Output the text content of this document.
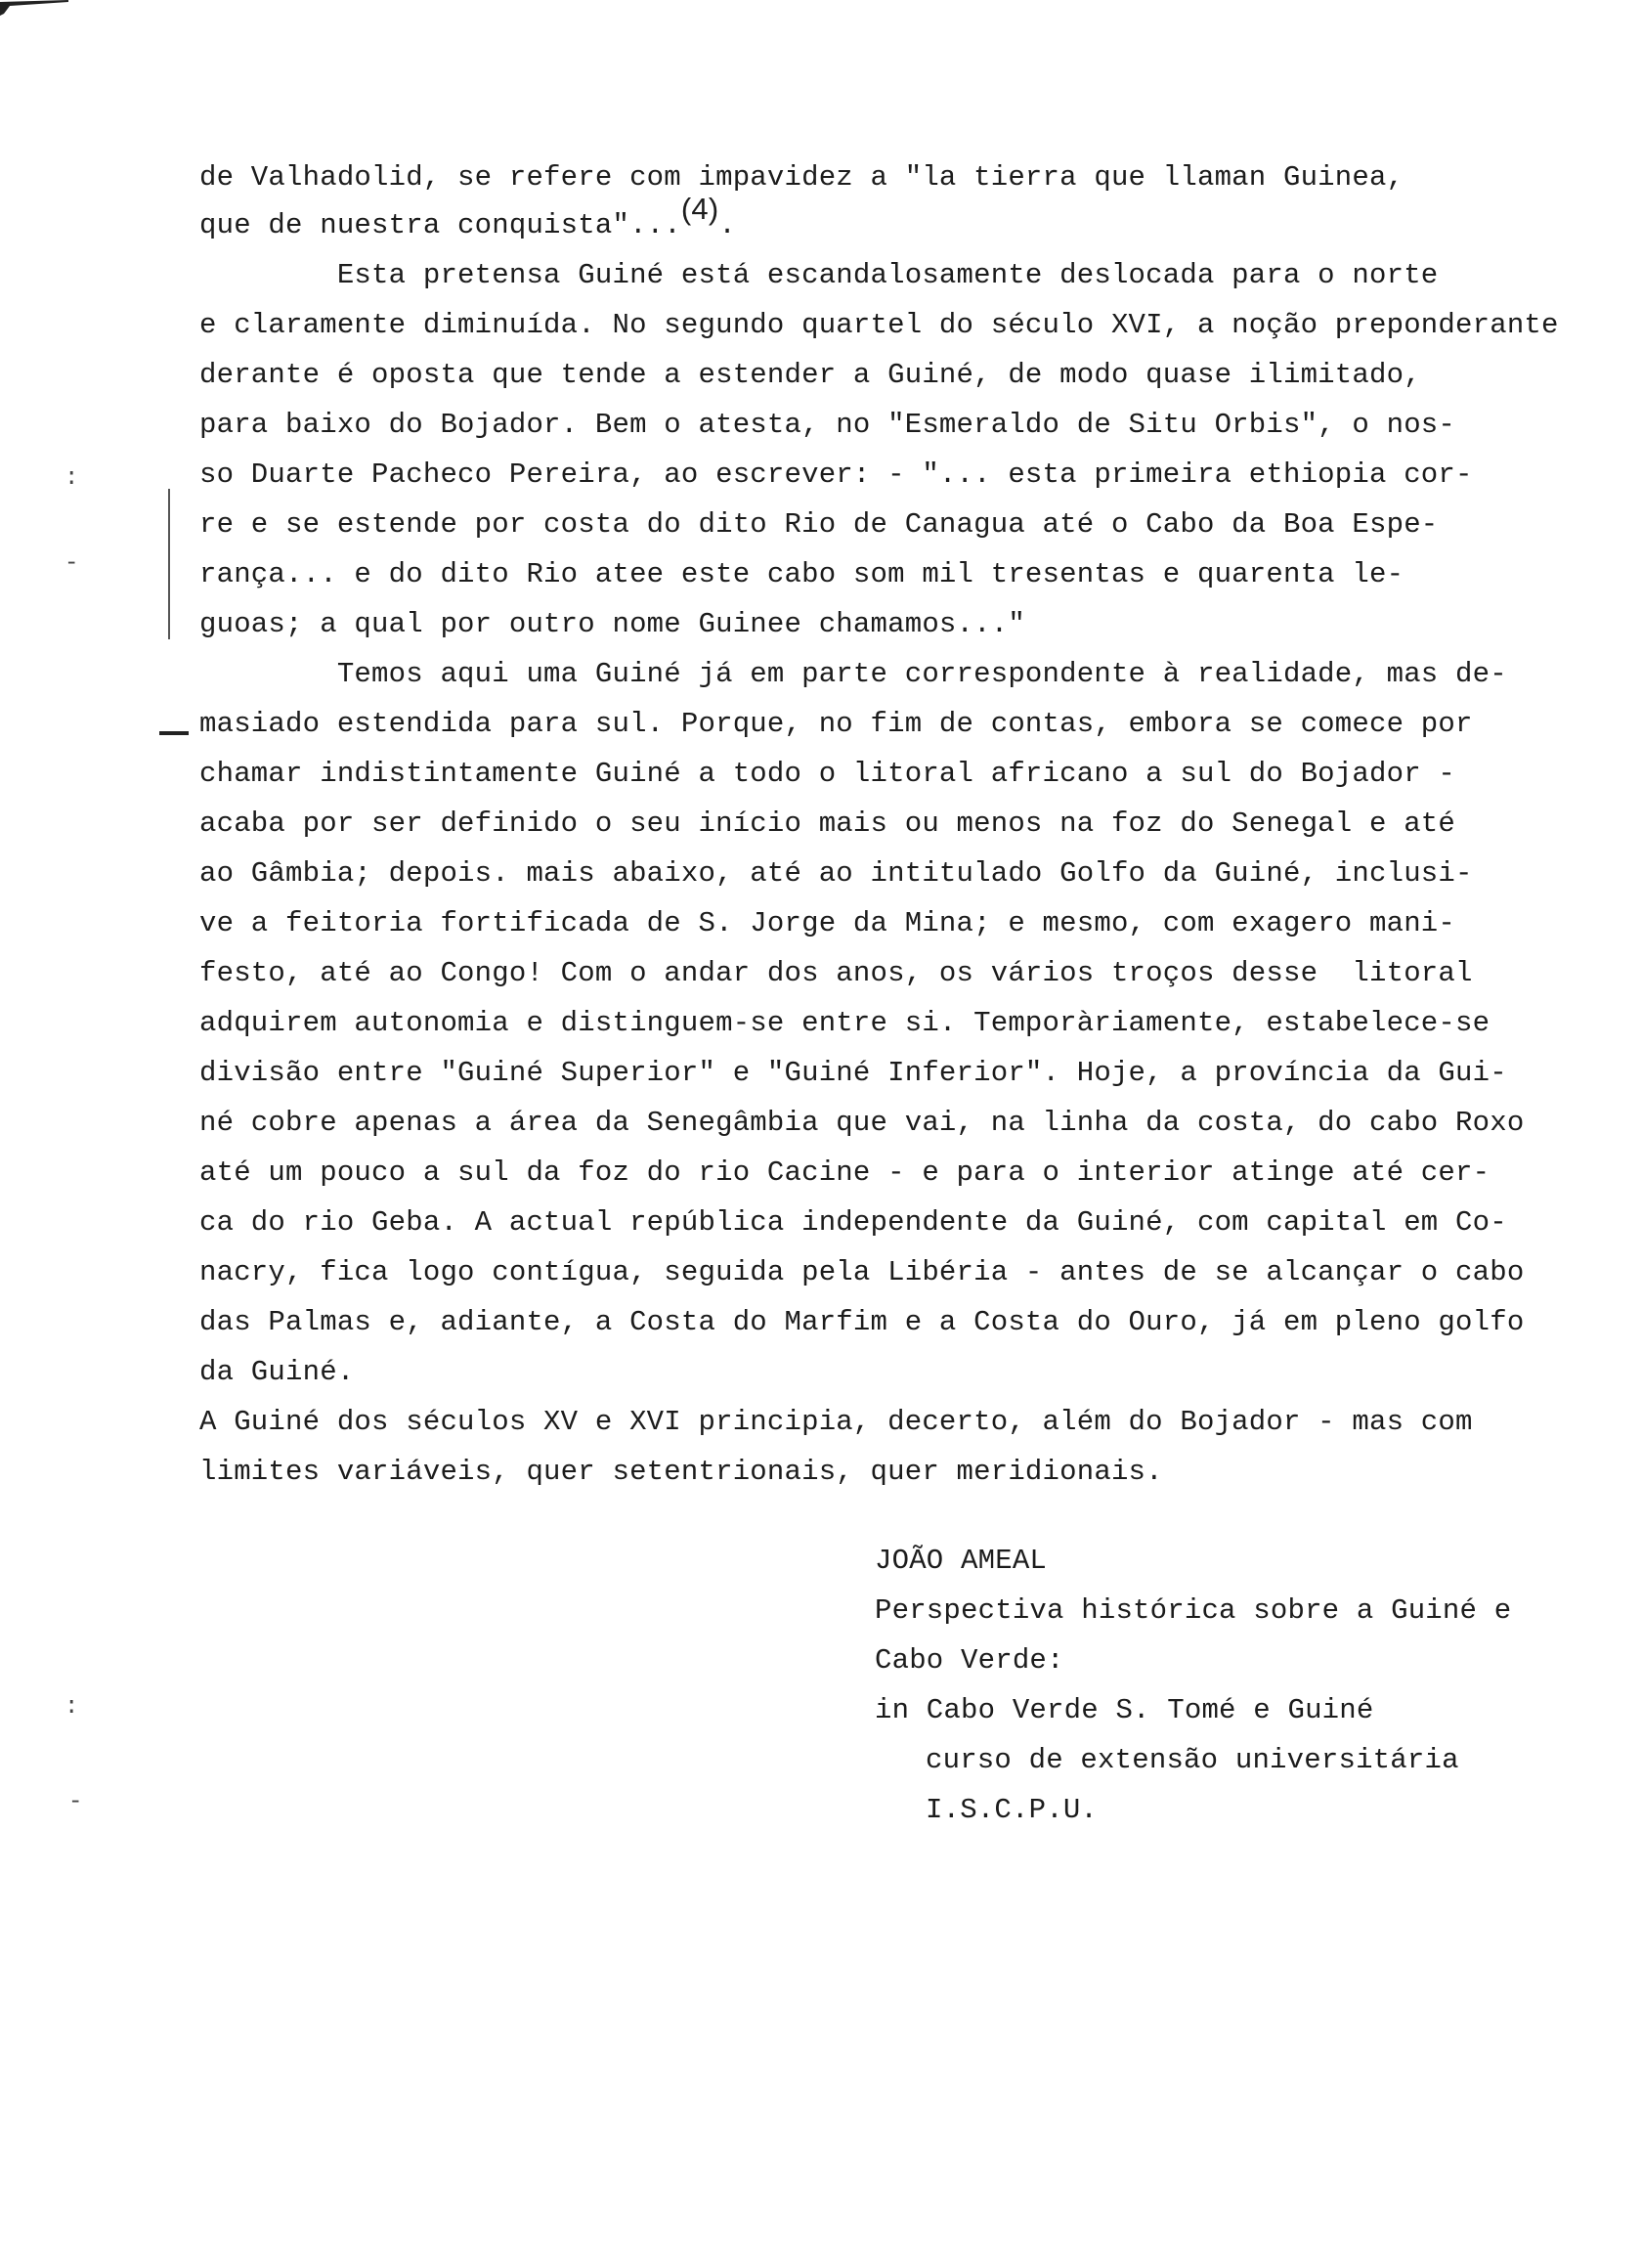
:
-
:
-
de Valhadolid, se refere com impavidez a "la tierra que llaman Guinea,
que de nuestra conquista"...(4).
Esta pretensa Guiné está escandalosamente deslocada para o norte
e claramente diminuída. No segundo quartel do século XVI, a noção preponderante
derante é oposta que tende a estender a Guiné, de modo quase ilimitado,
para baixo do Bojador. Bem o atesta, no "Esmeraldo de Situ Orbis", o nos-
so Duarte Pacheco Pereira, ao escrever: - "... esta primeira ethiopia cor-
re e se estende por costa do dito Rio de Canagua até o Cabo da Boa Espe-
rança... e do dito Rio atee este cabo som mil tresentas e quarenta le-
guoas; a qual por outro nome Guinee chamamos..."
Temos aqui uma Guiné já em parte correspondente à realidade, mas de-
masiado estendida para sul. Porque, no fim de contas, embora se comece por
chamar indistintamente Guiné a todo o litoral africano a sul do Bojador -
acaba por ser definido o seu início mais ou menos na foz do Senegal e até
ao Gâmbia; depois. mais abaixo, até ao intitulado Golfo da Guiné, inclusi-
ve a feitoria fortificada de S. Jorge da Mina; e mesmo, com exagero mani-
festo, até ao Congo! Com o andar dos anos, os vários troços desse  litoral
adquirem autonomia e distinguem-se entre si. Temporàriamente, estabelece-se
divisão entre "Guiné Superior" e "Guiné Inferior". Hoje, a província da Gui-
né cobre apenas a área da Senegâmbia que vai, na linha da costa, do cabo Roxo
até um pouco a sul da foz do rio Cacine - e para o interior atinge até cer-
ca do rio Geba. A actual república independente da Guiné, com capital em Co-
nacry, fica logo contígua, seguida pela Libéria - antes de se alcançar o cabo
das Palmas e, adiante, a Costa do Marfim e a Costa do Ouro, já em pleno golfo
da Guiné.
A Guiné dos séculos XV e XVI principia, decerto, além do Bojador - mas com
limites variáveis, quer setentrionais, quer meridionais.
JOÃO AMEAL
Perspectiva histórica sobre a Guiné e
Cabo Verde:
in Cabo Verde S. Tomé e Guiné
curso de extensão universitária
I.S.C.P.U.
